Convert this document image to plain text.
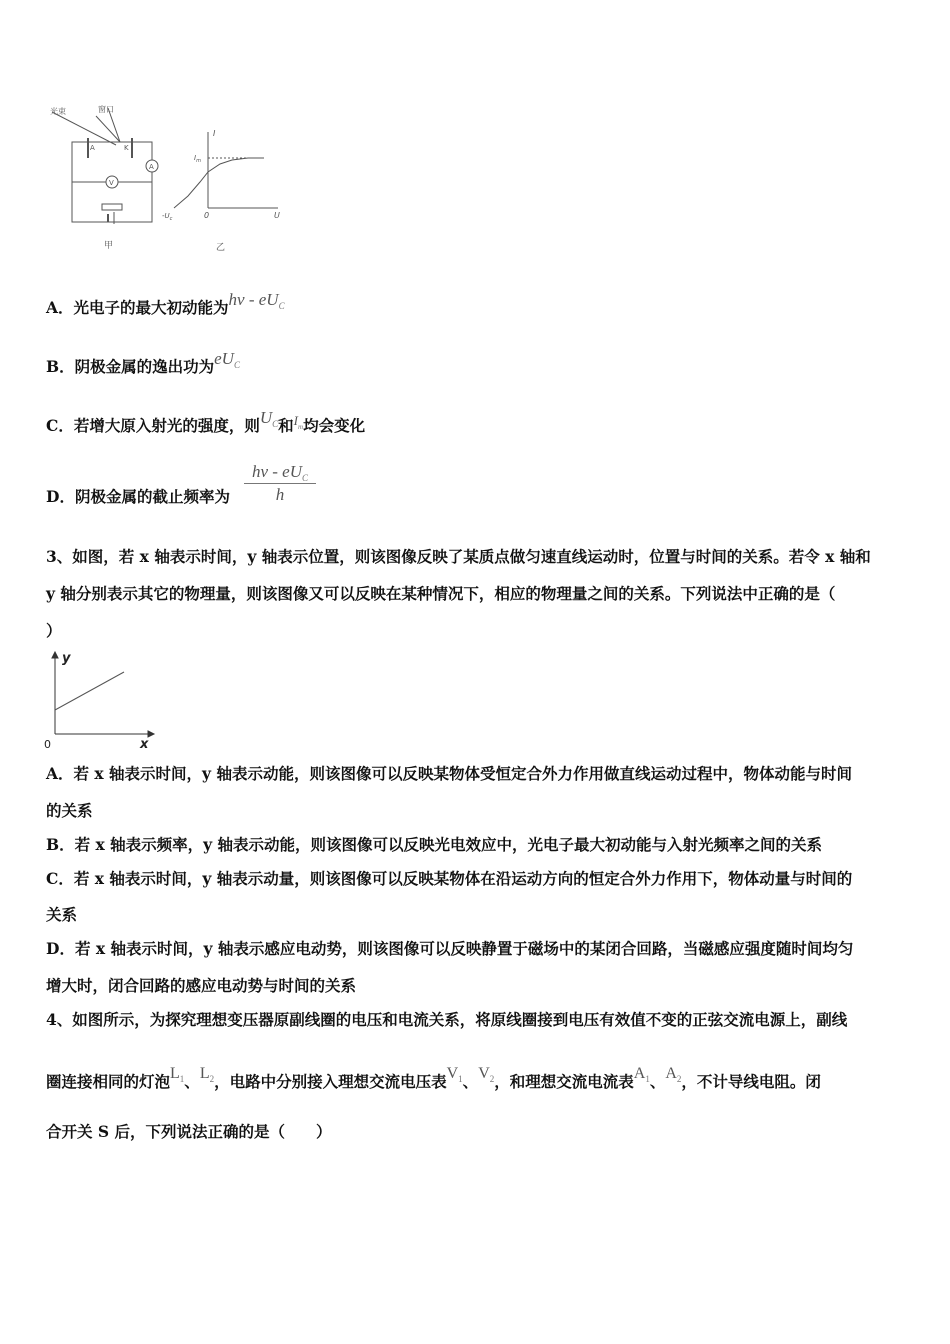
光束	窗口
A	K
A
V
甲
I
U
$I_m$
$-U_c$	0
乙
A．光电子的最大初动能为hν - $eU_C$
B．阴极金属的逸出功为$eU_C$
C．若增大原入射光的强度，则$U_C$和$^{I_m}$均会变化
D．阴极金属的截止频率为
hν - $eU_C$
h
3、如图，若 x 轴表示时间，y 轴表示位置，则该图像反映了某质点做匀速直线运动时，位置与时间的关系。若令 x 轴和
y 轴分别表示其它的物理量，则该图像又可以反映在某种情况下，相应的物理量之间的关系。下列说法中正确的是（
）
y
x
0
A．若 x 轴表示时间，y 轴表示动能，则该图像可以反映某物体受恒定合外力作用做直线运动过程中，物体动能与时间
的关系
B．若 x 轴表示频率，y 轴表示动能，则该图像可以反映光电效应中，光电子最大初动能与入射光频率之间的关系
C．若 x 轴表示时间，y 轴表示动量，则该图像可以反映某物体在沿运动方向的恒定合外力作用下，物体动量与时间的
关系
D．若 x 轴表示时间，y 轴表示感应电动势，则该图像可以反映静置于磁场中的某闭合回路，当磁感应强度随时间均匀
增大时，闭合回路的感应电动势与时间的关系
4、如图所示，为探究理想变压器原副线圈的电压和电流关系，将原线圈接到电压有效值不变的正弦交流电源上，副线
圈连接相同的灯泡$L_1$、$L_2$，电路中分别接入理想交流电压表$V_1$、$V_2$，和理想交流电流表$A_1$、$A_2$，不计导线电阻。闭
合开关 S 后，下列说法正确的是（　　）
